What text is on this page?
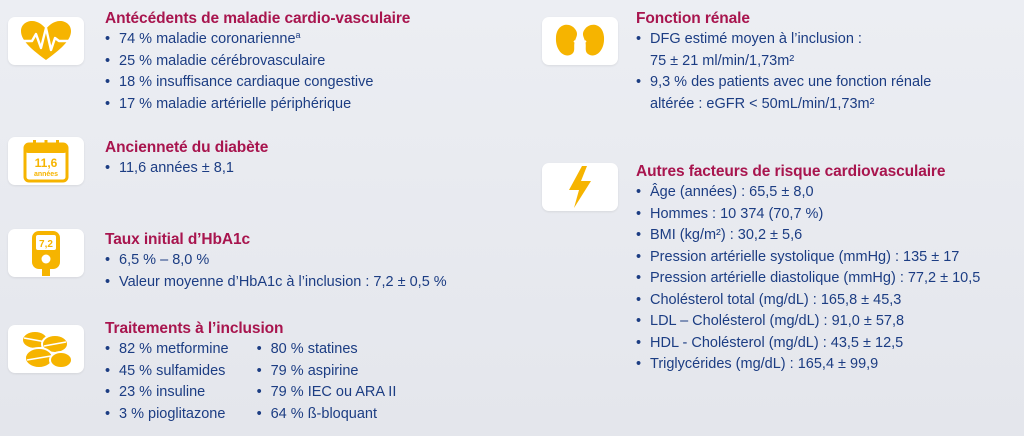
11,6
années
7,2
Antécédents de maladie cardio-vasculaire
• 74 % maladie coronarienne$^a$
• 25 % maladie cérébrovasculaire
• 18 % insuffisance cardiaque congestive
• 17 % maladie artérielle périphérique
Ancienneté du diabète
• 11,6 années ± 8,1
Taux initial d’HbA1c
• 6,5 % – 8,0 %
• Valeur moyenne d’HbA1c à l’inclusion : 7,2 ± 0,5 %
Traitements à l’inclusion
• 82 % metformine
• 45 % sulfamides
• 23 % insuline
• 3 % pioglitazone
• 80 % statines
• 79 % aspirine
• 79 % IEC ou ARA II
• 64 % ß-bloquant
Fonction rénale
• DFG estimé moyen à l’inclusion :
75 ± 21 ml/min/1,73m²
• 9,3 % des patients avec une fonction rénale
altérée : eGFR < 50mL/min/1,73m²
Autres facteurs de risque cardiovasculaire
• Âge (années) : 65,5 ± 8,0
• Hommes : 10 374 (70,7 %)
• BMI (kg/m²) : 30,2 ± 5,6
• Pression artérielle systolique (mmHg) : 135 ± 17
• Pression artérielle diastolique (mmHg) : 77,2 ± 10,5
• Cholésterol total (mg/dL) : 165,8 ± 45,3
• LDL – Cholésterol (mg/dL) : 91,0 ± 57,8
• HDL - Cholésterol (mg/dL) : 43,5 ± 12,5
• Triglycérides (mg/dL) : 165,4 ± 99,9
